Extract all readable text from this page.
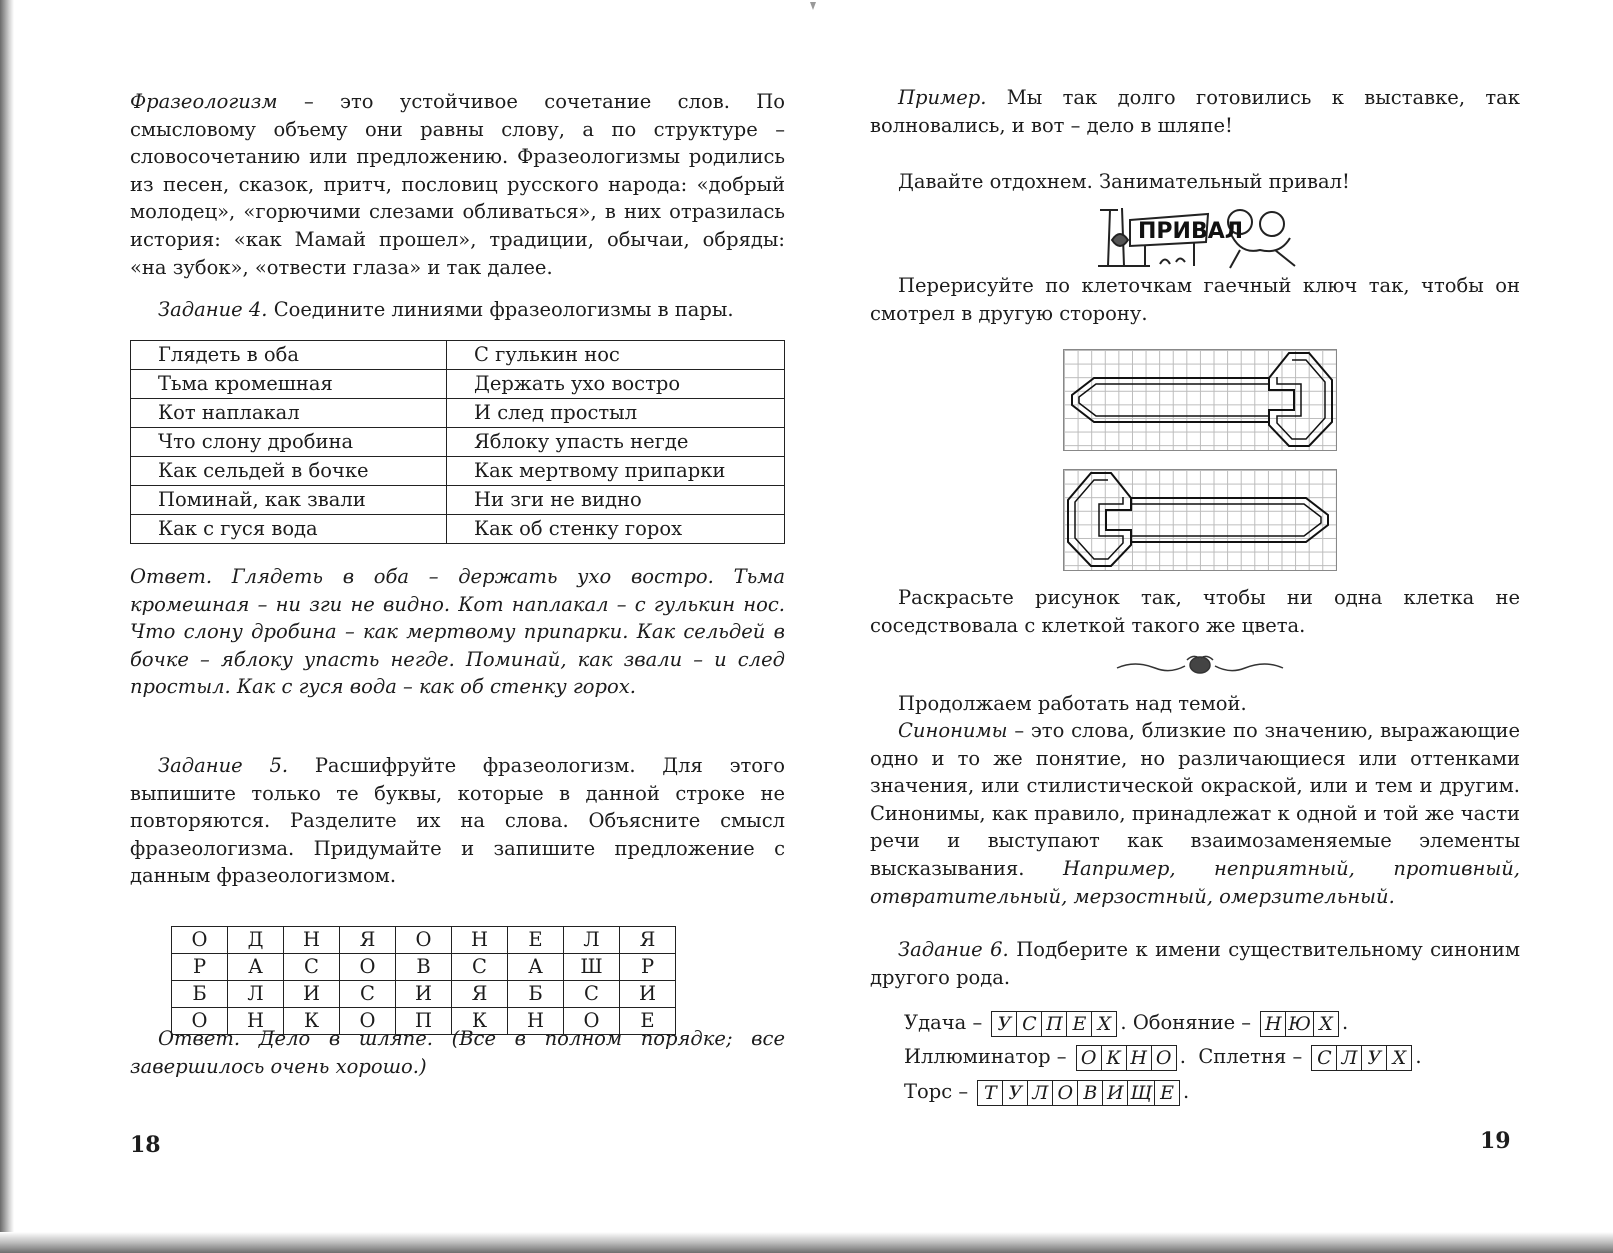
Фразеологизм – это устойчивое сочетание слов. По смысловому объему они равны слову, а по структуре – словосочетанию или предложению. Фразеологизмы родились из песен, сказок, притч, пословиц русского народа: «добрый молодец», «горючими слезами обливаться», в них отразилась история: «как Мамай прошел», традиции, обычаи, обряды: «на зубок», «отвести глаза» и так далее.

Задание 4. Соедините линиями фразеологизмы в пары.

Глядеть в оба	С гулькин нос
Тьма кромешная	Держать ухо востро
Кот наплакал	И след простыл
Что слону дробина	Яблоку упасть негде
Как сельдей в бочке	Как мертвому припарки
Поминай, как звали	Ни зги не видно
Как с гуся вода	Как об стенку горох

Ответ. Глядеть в оба – держать ухо востро. Тьма кромешная – ни зги не видно. Кот наплакал – с гулькин нос. Что слону дробина – как мертвому припарки. Как сельдей в бочке – яблоку упасть негде. Поминай, как звали – и след простыл. Как с гуся вода – как об стенку горох.

Задание 5. Расшифруйте фразеологизм. Для этого выпишите только те буквы, которые в данной строке не повторяются. Разделите их на слова. Объясните смысл фразеологизма. Придумайте и запишите предложение с данным фразеологизмом.

О	Д	Н	Я	О	Н	Е	Л	Я
Р	А	С	О	В	С	А	Ш	Р
Б	Л	И	С	И	Я	Б	С	И
О	Н	К	О	П	К	Н	О	Е

Ответ. Дело в шляпе. (Все в полном порядке; все завершилось очень хорошо.)

18

Пример. Мы так долго готовились к выставке, так волновались, и вот – дело в шляпе!

Давайте отдохнем. Занимательный привал!

ПРИВАЛ

Перерисуйте по клеточкам гаечный ключ так, чтобы он смотрел в другую сторону.

Раскрасьте рисунок так, чтобы ни одна клетка не соседствовала с клеткой такого же цвета.

Продолжаем работать над темой.

Синонимы – это слова, близкие по значению, выражающие одно и то же понятие, но различающиеся или оттенками значения, или стилистической окраской, или и тем и другим. Синонимы, как правило, принадлежат к одной и той же части речи и выступают как взаимозаменяемые элементы высказывания. Например, неприятный, противный, отвратительный, мерзостный, омерзительный.

Задание 6. Подберите к имени существительному синоним другого рода.

Удача – У С П Е Х . Обоняние – Н Ю Х .
Иллюминатор – О К Н О .  Сплетня – С Л У Х .
Торс – Т У Л О В И Щ Е .
19
